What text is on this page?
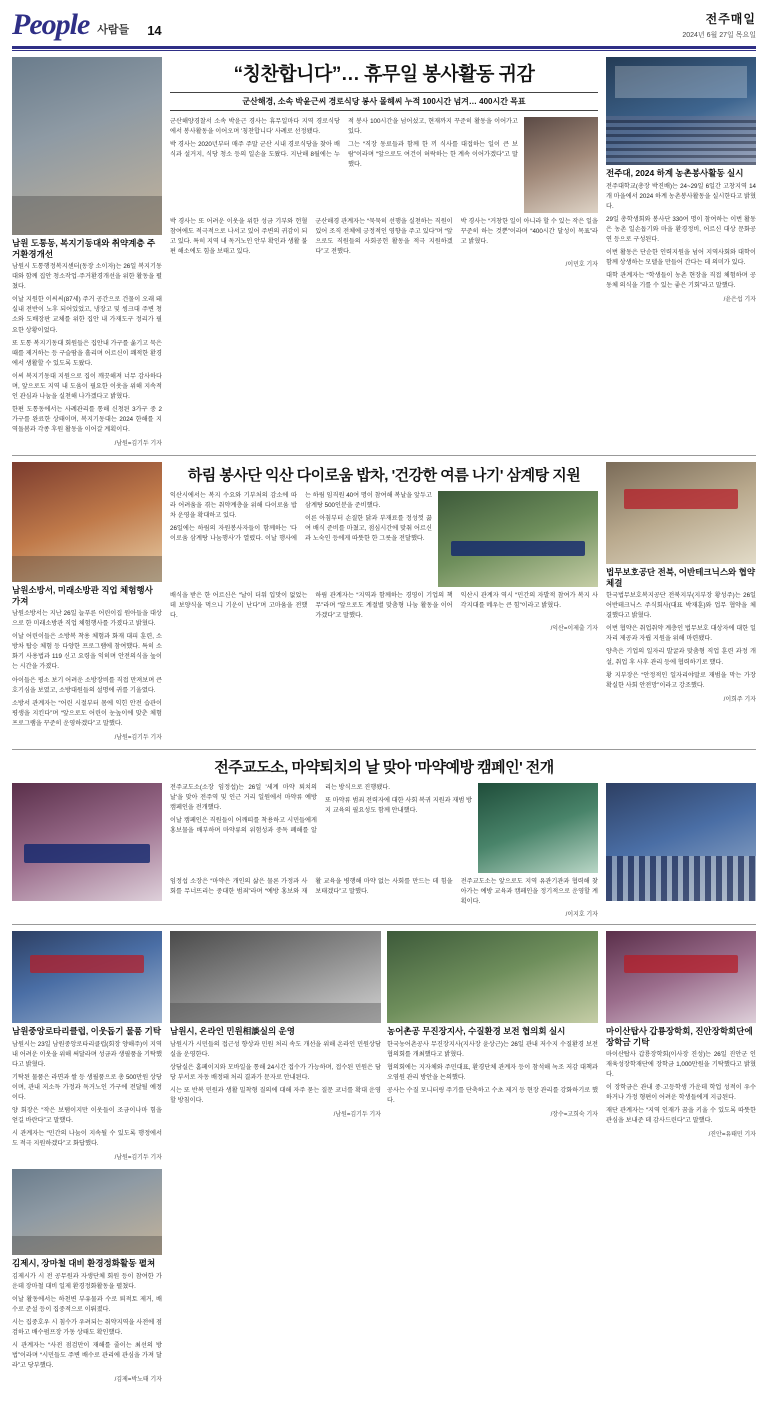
People 사람들	14
전주매일
2024년 6월 27일 목요일
남원 도통동, 복지기동대와 취약계층 주거환경개선

남원시 도통행정복지센터(동장 소이자)는 26일 복지기동대와 함께 집안 청소작업·주거환경개선을 위한 활동을 펼쳤다.

이날 지원한 이씨씨(87세) 주거 공간으로 건물이 오래 돼 실내 전반이 노후 되어있었고, 냉장고 및 씽크대 주변 청소와 도배장판 교체를 위한 집안 내 가재도구 정리가 필요한 상황이었다.

또 도통 복지기동대 회원들은 집안내 가구를 옮기고 묵은 때를 제거하는 등 구슬땀을 흘리며 어르신이 쾌적한 환경에서 생활할 수 있도록 도왔다.

이씨 복지기동대 지원으로 집이 깨끗해져 너무 감사하다며, 앞으로도 지역 내 도움이 필요한 이웃을 위해 지속적인 관심과 나눔을 실천해 나가겠다고 밝혔다.

한편 도통동에서는 사례관리를 통해 신청된 3가구 중 2가구를 완료한 상태이며, 복지기동대는 2024 한해를 지역돌봄과 각종 후원 활동을 이어갈 계획이다.

/남원=김기두 기자
“칭찬합니다”… 휴무일 봉사활동 귀감
군산해경, 소속 박윤근씨 경로식당 봉사 몰헤씨 누적 100시간 넘겨… 400시간 목표

군산해양경찰서 소속 박윤근 경사는 휴무일마다 지역 경로식당에서 봉사활동을 이어오며 '칭찬합니다' 사례로 선정됐다.

박 경사는 2020년부터 매주 주말 군산 시내 경로식당을 찾아 배식과 설거지, 식당 청소 등의 일손을 도왔다. 지난해 8월에는 누적 봉사 100시간을 넘어섰고, 현재까지 꾸준히 활동을 이어가고 있다.

그는 “직장 동료들과 함께 한 끼 식사를 대접하는 일이 큰 보람”이라며 “앞으로도 여건이 허락하는 한 계속 이어가겠다”고 말했다.

박 경사는 또 어려운 이웃을 위한 성금 기부와 헌혈 참여에도 적극적으로 나서고 있어 주변의 귀감이 되고 있다. 특히 지역 내 독거노인 안부 확인과 생활 불편 해소에도 힘을 보태고 있다.

군산해경 관계자는 “묵묵히 선행을 실천하는 직원이 있어 조직 전체에 긍정적인 영향을 주고 있다”며 “앞으로도 직원들의 사회공헌 활동을 적극 지원하겠다”고 전했다.

박 경사는 “거창한 일이 아니라 할 수 있는 작은 일을 꾸준히 하는 것뿐”이라며 “400시간 달성이 목표”라고 밝혔다.

/이민호 기자
전주대, 2024 하계 농촌봉사활동 실시

전주대학교(총장 박진배)는 24~29일 6일간 고창지역 14개 마을에서 2024 하계 농촌봉사활동을 실시한다고 밝혔다.

29일 총학생회와 봉사단 330여 명이 참여하는 이번 활동은 농촌 일손돕기와 마을 환경정비, 어르신 대상 문화공연 등으로 구성된다.

이번 활동은 단순한 인력지원을 넘어 지역사회와 대학이 함께 상생하는 모델을 만들어 간다는 데 의미가 있다.

대학 관계자는 “학생들이 농촌 현장을 직접 체험하며 공동체 의식을 기를 수 있는 좋은 기회”라고 말했다.

/윤은섭 기자
남원소방서, 미래소방관 직업 체험행사 가져

남원소방서는 지난 26일 늘푸른 어린이집 원아들을 대상으로 한 미래소방관 직업 체험행사를 가졌다고 밝혔다.

이날 어린이들은 소방복 착용 체험과 화재 대피 훈련, 소방차 탑승 체험 등 다양한 프로그램에 참여했다. 특히 소화기 사용법과 119 신고 요령을 익히며 안전의식을 높이는 시간을 가졌다.

아이들은 평소 보기 어려운 소방장비를 직접 만져보며 큰 호기심을 보였고, 소방대원들의 설명에 귀를 기울였다.

소방서 관계자는 “어린 시절부터 몸에 익힌 안전 습관이 평생을 지킨다”며 “앞으로도 어린이 눈높이에 맞춘 체험 프로그램을 꾸준히 운영하겠다”고 말했다.

/남원=김기두 기자
하림 봉사단 익산 다이로움 밥차, '건강한 여름 나기' 삼계탕 지원

익산시에서는 복지 수요와 기부처의 감소에 따라 어려움을 겪는 취약계층을 위해 다이로움 밥차 운영을 확대하고 있다.

26일에는 하림의 자원봉사자들이 함께하는 '다이로움 삼계탕 나눔행사'가 열렸다. 이날 행사에는 하림 임직원 40여 명이 참여해 복날을 앞두고 삼계탕 500인분을 준비했다.

이른 아침부터 손질한 닭과 부재료를 정성껏 끓여 배식 준비를 마쳤고, 점심시간에 맞춰 어르신과 노숙인 등에게 따뜻한 한 그릇을 전달했다.

배식을 받은 한 어르신은 “날이 더워 입맛이 없었는데 보양식을 먹으니 기운이 난다”며 고마움을 전했다.

하림 관계자는 “지역과 함께하는 경영이 기업의 책무”라며 “앞으로도 계절별 맞춤형 나눔 활동을 이어가겠다”고 말했다.

익산시 관계자 역시 “민간의 자발적 참여가 복지 사각지대를 메우는 큰 힘”이라고 밝혔다.

/익산=이제출 기자
법무보호공단 전북, 어반테크닉스와 협약 체결

한국법무보호복지공단 전북지부(지부장 황성주)는 26일 어반테크닉스 주식회사(대표 박재훈)와 업무 협약을 체결했다고 밝혔다.

이번 협약은 취업취약 계층인 법무보호 대상자에 대한 일자리 제공과 자립 지원을 위해 마련됐다.

양측은 기업의 일자리 발굴과 맞춤형 직업 훈련 과정 개설, 취업 후 사후 관리 등에 협력하기로 했다.

황 지부장은 “안정적인 일자리야말로 재범을 막는 가장 확실한 사회 안전망”이라고 강조했다.

/이희주 기자
전주교도소, 마약퇴치의 날 맞아 '마약예방 캠페인' 전개

전주교도소(소장 임정섭)는 26일 '세계 마약 퇴치의 날'을 맞아 전주역 및 인근 거리 일원에서 마약류 예방 캠페인을 전개했다.

이날 캠페인은 직원들이 어깨띠를 착용하고 시민들에게 홍보물을 배부하며 마약류의 위험성과 중독 폐해를 알리는 방식으로 진행됐다.

또 마약류 범죄 전력자에 대한 사회 복귀 지원과 재범 방지 교육의 필요성도 함께 안내했다.

임정섭 소장은 “마약은 개인의 삶은 물론 가정과 사회를 무너뜨리는 중대한 범죄”라며 “예방 홍보와 재활 교육을 병행해 마약 없는 사회를 만드는 데 힘을 보태겠다”고 말했다.

전주교도소는 앞으로도 지역 유관기관과 협력해 찾아가는 예방 교육과 캠페인을 정기적으로 운영할 계획이다.

/이지호 기자
남원중앙로타리클럽, 이웃돕기 물품 기탁

남원시는 23일 남원중앙로타리클럽(회장 양해주)이 지역 내 어려운 이웃을 위해 써달라며 성금과 생필품을 기탁했다고 밝혔다.

기탁된 물품은 라면과 쌀 등 생필품으로 총 500만원 상당이며, 관내 저소득 가정과 독거노인 가구에 전달될 예정이다.

양 회장은 “작은 보탬이지만 이웃들이 조금이나마 힘을 얻길 바란다”고 말했다.

시 관계자는 “민간의 나눔이 지속될 수 있도록 행정에서도 적극 지원하겠다”고 화답했다.

/남원=김기두 기자
남원시, 온라인 민원相談실의 운영

남원시가 시민들의 접근성 향상과 민원 처리 속도 개선을 위해 온라인 민원상담실을 운영한다.

상담실은 홈페이지와 모바일을 통해 24시간 접수가 가능하며, 접수된 민원은 담당 부서로 자동 배정돼 처리 결과가 문자로 안내된다.

시는 또 반복 민원과 생활 밀착형 질의에 대해 자주 묻는 질문 코너를 확대 운영할 방침이다.

/남원=김기두 기자
농어촌공 무진장지사, 수질환경 보전 협의회 실시

한국농어촌공사 무진장지사(지사장 윤상근)는 26일 관내 저수지 수질환경 보전 협의회를 개최했다고 밝혔다.

협의회에는 지자체와 주민대표, 환경단체 관계자 등이 참석해 녹조 저감 대책과 오염원 관리 방안을 논의했다.

공사는 수질 모니터링 주기를 단축하고 수초 제거 등 현장 관리를 강화하기로 했다.

/장수=고희숙 기자
마이산탑사 갑룡장학회, 진안장학회단에 장학금 기탁

마이산탑사 갑룡장학회(이사장 진성)는 26일 진안군 인재육성장학재단에 장학금 1,000만원을 기탁했다고 밝혔다.

이 장학금은 관내 중·고등학생 가운데 학업 성적이 우수하거나 가정 형편이 어려운 학생들에게 지급된다.

재단 관계자는 “지역 인재가 꿈을 키울 수 있도록 따뜻한 관심을 보내준 데 감사드린다”고 말했다.

/진안=유태민 기자
김제시, 장마철 대비 환경정화활동 펼쳐

김제시가 시 전 공무원과 자생단체 회원 등이 참여한 가운데 장마철 대비 일제 환경정화활동을 펼쳤다.

이날 활동에서는 하천변 부유물과 수로 퇴적토 제거, 배수로 준설 등이 집중적으로 이뤄졌다.

시는 집중호우 시 침수가 우려되는 취약지역을 사전에 점검하고 배수펌프장 가동 상태도 확인했다.

시 관계자는 “사전 점검만이 재해를 줄이는 최선의 방법”이라며 “시민들도 주변 배수로 관리에 관심을 가져 달라”고 당부했다.

/김제=박노태 기자
